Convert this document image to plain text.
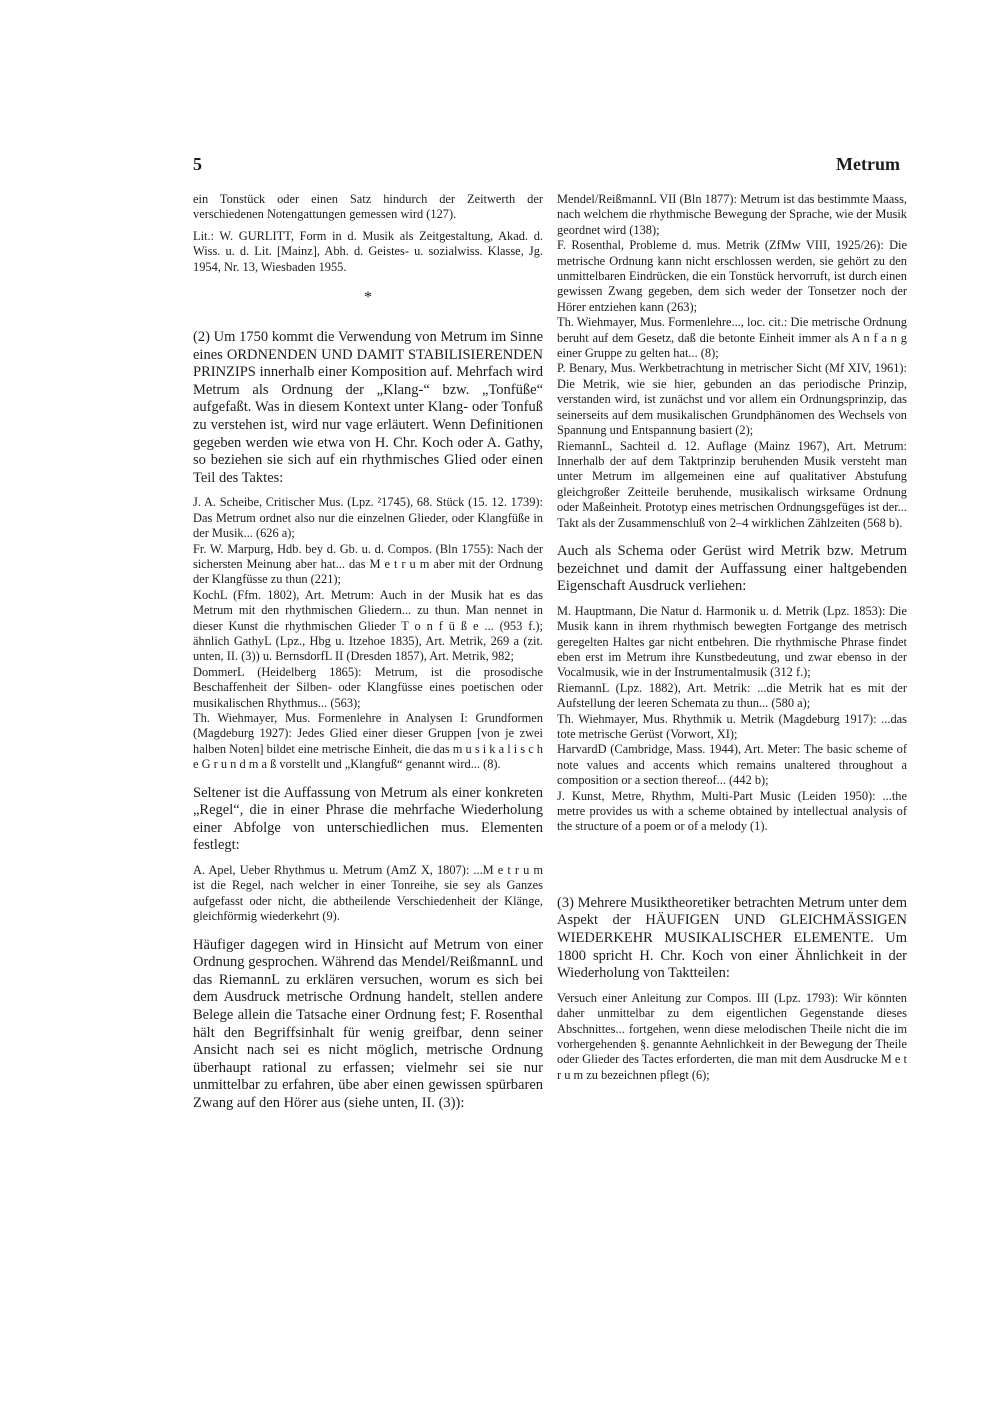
5	Metrum

ein Tonstück oder einen Satz hindurch der Zeitwerth der verschiedenen Notengattungen gemessen wird (127).

Lit.: W. GURLITT, Form in d. Musik als Zeitgestaltung, Akad. d. Wiss. u. d. Lit. [Mainz], Abh. d. Geistes- u. sozialwiss. Klasse, Jg. 1954, Nr. 13, Wiesbaden 1955.

*

(2) Um 1750 kommt die Verwendung von Metrum im Sinne eines ORDNENDEN UND DAMIT STABILISIERENDEN PRINZIPS innerhalb einer Komposition auf. Mehrfach wird Metrum als Ordnung der „Klang-“ bzw. „Tonfüße“ aufgefaßt. Was in diesem Kontext unter Klang- oder Tonfuß zu verstehen ist, wird nur vage erläutert. Wenn Definitionen gegeben werden wie etwa von H. Chr. Koch oder A. Gathy, so beziehen sie sich auf ein rhythmisches Glied oder einen Teil des Taktes:

J. A. Scheibe, Critischer Mus. (Lpz. ²1745), 68. Stück (15. 12. 1739): Das Metrum ordnet also nur die einzelnen Glieder, oder Klangfüße in der Musik... (626 a);

Fr. W. Marpurg, Hdb. bey d. Gb. u. d. Compos. (Bln 1755): Nach der sichersten Meinung aber hat... das M e t r u m aber mit der Ordnung der Klangfüsse zu thun (221);

KochL (Ffm. 1802), Art. Metrum: Auch in der Musik hat es das Metrum mit den rhythmischen Gliedern... zu thun. Man nennet in dieser Kunst die rhythmischen Glieder T o n f ü ß e ... (953 f.); ähnlich GathyL (Lpz., Hbg u. Itzehoe 1835), Art. Metrik, 269 a (zit. unten, II. (3)) u. BernsdorfL II (Dresden 1857), Art. Metrik, 982;

DommerL (Heidelberg 1865): Metrum, ist die prosodische Beschaffenheit der Silben- oder Klangfüsse eines poetischen oder musikalischen Rhythmus... (563);

Th. Wiehmayer, Mus. Formenlehre in Analysen I: Grundformen (Magdeburg 1927): Jedes Glied einer dieser Gruppen [von je zwei halben Noten] bildet eine metrische Einheit, die das m u s i k a l i s c h e G r u n d m a ß vorstellt und „Klangfuß“ genannt wird... (8).

Seltener ist die Auffassung von Metrum als einer konkreten „Regel“, die in einer Phrase die mehrfache Wiederholung einer Abfolge von unterschiedlichen mus. Elementen festlegt:

A. Apel, Ueber Rhythmus u. Metrum (AmZ X, 1807): ...M e t r u m ist die Regel, nach welcher in einer Tonreihe, sie sey als Ganzes aufgefasst oder nicht, die abtheilende Verschiedenheit der Klänge, gleichförmig wiederkehrt (9).

Häufiger dagegen wird in Hinsicht auf Metrum von einer Ordnung gesprochen. Während das Mendel/ReißmannL und das RiemannL zu erklären versuchen, worum es sich bei dem Ausdruck metrische Ordnung handelt, stellen andere Belege allein die Tatsache einer Ordnung fest; F. Rosenthal hält den Begriffsinhalt für wenig greifbar, denn seiner Ansicht nach sei es nicht möglich, metrische Ordnung überhaupt rational zu erfassen; vielmehr sei sie nur unmittelbar zu erfahren, übe aber einen gewissen spürbaren Zwang auf den Hörer aus (siehe unten, II. (3)):

Mendel/ReißmannL VII (Bln 1877): Metrum ist das bestimmte Maass, nach welchem die rhythmische Bewegung der Sprache, wie der Musik geordnet wird (138);

F. Rosenthal, Probleme d. mus. Metrik (ZfMw VIII, 1925/26): Die metrische Ordnung kann nicht erschlossen werden, sie gehört zu den unmittelbaren Eindrücken, die ein Tonstück hervorruft, ist durch einen gewissen Zwang gegeben, dem sich weder der Tonsetzer noch der Hörer entziehen kann (263);

Th. Wiehmayer, Mus. Formenlehre..., loc. cit.: Die metrische Ordnung beruht auf dem Gesetz, daß die betonte Einheit immer als A n f a n g einer Gruppe zu gelten hat... (8);

P. Benary, Mus. Werkbetrachtung in metrischer Sicht (Mf XIV, 1961): Die Metrik, wie sie hier, gebunden an das periodische Prinzip, verstanden wird, ist zunächst und vor allem ein Ordnungsprinzip, das seinerseits auf dem musikalischen Grundphänomen des Wechsels von Spannung und Entspannung basiert (2);

RiemannL, Sachteil d. 12. Auflage (Mainz 1967), Art. Metrum: Innerhalb der auf dem Taktprinzip beruhenden Musik versteht man unter Metrum im allgemeinen eine auf qualitativer Abstufung gleichgroßer Zeitteile beruhende, musikalisch wirksame Ordnung oder Maßeinheit. Prototyp eines metrischen Ordnungsgefüges ist der... Takt als der Zusammenschluß von 2–4 wirklichen Zählzeiten (568 b).

Auch als Schema oder Gerüst wird Metrik bzw. Metrum bezeichnet und damit der Auffassung einer haltgebenden Eigenschaft Ausdruck verliehen:

M. Hauptmann, Die Natur d. Harmonik u. d. Metrik (Lpz. 1853): Die Musik kann in ihrem rhythmisch bewegten Fortgange des metrisch geregelten Haltes gar nicht entbehren. Die rhythmische Phrase findet eben erst im Metrum ihre Kunstbedeutung, und zwar ebenso in der Vocalmusik, wie in der Instrumentalmusik (312 f.);

RiemannL (Lpz. 1882), Art. Metrik: ...die Metrik hat es mit der Aufstellung der leeren Schemata zu thun... (580 a);

Th. Wiehmayer, Mus. Rhythmik u. Metrik (Magdeburg 1917): ...das tote metrische Gerüst (Vorwort, XI);

HarvardD (Cambridge, Mass. 1944), Art. Meter: The basic scheme of note values and accents which remains unaltered throughout a composition or a section thereof... (442 b);

J. Kunst, Metre, Rhythm, Multi-Part Music (Leiden 1950): ...the metre provides us with a scheme obtained by intellectual analysis of the structure of a poem or of a melody (1).

(3) Mehrere Musiktheoretiker betrachten Metrum unter dem Aspekt der HÄUFIGEN UND GLEICHMÄSSIGEN WIEDERKEHR MUSIKALISCHER ELEMENTE. Um 1800 spricht H. Chr. Koch von einer Ähnlichkeit in der Wiederholung von Taktteilen:

Versuch einer Anleitung zur Compos. III (Lpz. 1793): Wir könnten daher unmittelbar zu dem eigentlichen Gegenstande dieses Abschnittes... fortgehen, wenn diese melodischen Theile nicht die im vorhergehenden §. genannte Aehnlichkeit in der Bewegung der Theile oder Glieder des Tactes erforderten, die man mit dem Ausdrucke M e t r u m zu bezeichnen pflegt (6);
